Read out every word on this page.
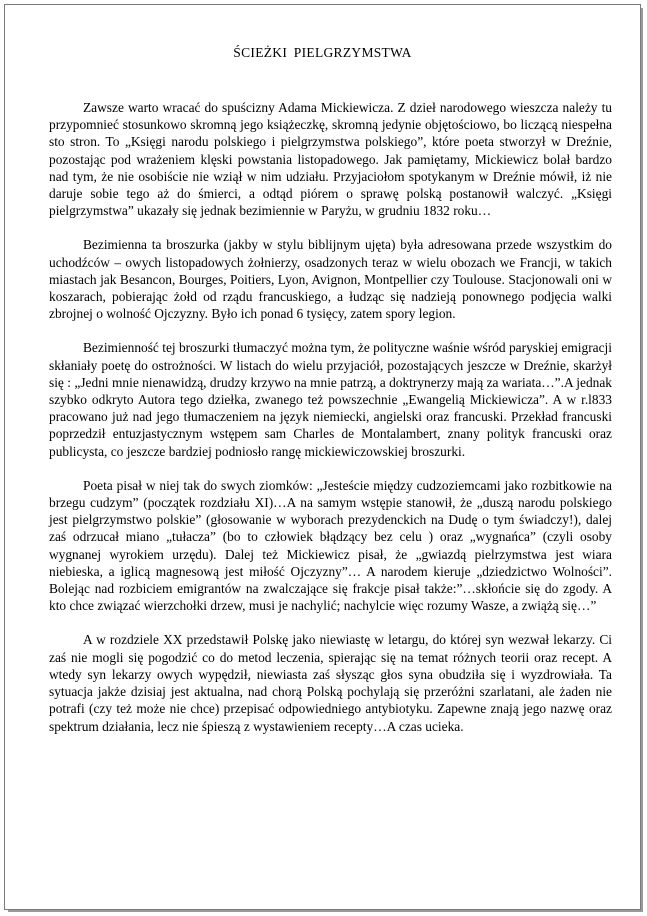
ŚCIEŻKI PIELGRZYMSTWA

Zawsze warto wracać do spuścizny Adama Mickiewicza. Z dzieł narodowego wieszcza należy tu przypomnieć stosunkowo skromną jego książeczkę, skromną jedynie objętościowo, bo liczącą niespełna sto stron. To „Księgi narodu polskiego i pielgrzymstwa polskiego”, które poeta stworzył w Dreźnie, pozostając pod wrażeniem klęski powstania listopadowego. Jak pamiętamy, Mickiewicz bolał bardzo nad tym, że nie osobiście nie wziął w nim udziału. Przyjaciołom spotykanym w Dreźnie mówił, iż nie daruje sobie tego aż do śmierci, a odtąd piórem o sprawę polską postanowił walczyć. „Księgi pielgrzymstwa” ukazały się jednak bezimiennie w Paryżu, w grudniu 1832 roku…

Bezimienna ta broszurka (jakby w stylu biblijnym ujęta) była adresowana przede wszystkim do uchodźców – owych listopadowych żołnierzy, osadzonych teraz w wielu obozach we Francji, w takich miastach jak Besancon, Bourges, Poitiers, Lyon, Avignon, Montpellier czy Toulouse. Stacjonowali oni w koszarach, pobierając żołd od rządu francuskiego, a łudząc się nadzieją ponownego podjęcia walki zbrojnej o wolność Ojczyzny. Było ich ponad 6 tysięcy, zatem spory legion.

Bezimienność tej broszurki tłumaczyć można tym, że polityczne waśnie wśród paryskiej emigracji skłaniały poetę do ostrożności. W listach do wielu przyjaciół, pozostających jeszcze w Dreźnie, skarżył się : „Jedni mnie nienawidzą, drudzy krzywo na mnie patrzą, a doktrynerzy mają za wariata…”.A jednak szybko odkryto Autora tego dziełka, zwanego też powszechnie „Ewangelią Mickiewicza”. A w r.l833 pracowano już nad jego tłumaczeniem na język niemiecki, angielski oraz francuski. Przekład francuski poprzedził entuzjastycznym wstępem sam Charles de Montalambert, znany polityk francuski oraz publicysta, co jeszcze bardziej podniosło rangę mickiewiczowskiej broszurki.

Poeta pisał w niej tak do swych ziomków: „Jesteście między cudzoziemcami jako rozbitkowie na brzegu cudzym” (początek rozdziału XI)…A na samym wstępie stanowił, że „duszą narodu polskiego jest pielgrzymstwo polskie” (głosowanie w wyborach prezydenckich na Dudę o tym świadczy!), dalej zaś odrzucał miano „tułacza” (bo to człowiek błądzący bez celu ) oraz „wygnańca” (czyli osoby wygnanej wyrokiem urzędu). Dalej też Mickiewicz pisał, że „gwiazdą pielrzymstwa jest wiara niebieska, a iglicą magnesową jest miłość Ojczyzny”… A narodem kieruje „dziedzictwo Wolności”. Bolejąc nad rozbiciem emigrantów na zwalczające się frakcje pisał także:”…skłońcie się do zgody. A kto chce związać wierzchołki drzew, musi je nachylić; nachylcie więc rozumy Wasze, a zwiążą się…”

A w rozdziele XX przedstawił Polskę jako niewiastę w letargu, do której syn wezwał lekarzy. Ci zaś nie mogli się pogodzić co do metod leczenia, spierając się na temat różnych teorii oraz recept. A wtedy syn lekarzy owych wypędził, niewiasta zaś słysząc głos syna obudziła się i wyzdrowiała. Ta sytuacja jakże dzisiaj jest aktualna, nad chorą Polską pochylają się przeróżni szarlatani, ale żaden nie potrafi (czy też może nie chce) przepisać odpowiedniego antybiotyku. Zapewne znają jego nazwę oraz spektrum działania, lecz nie śpieszą z wystawieniem recepty…A czas ucieka.
